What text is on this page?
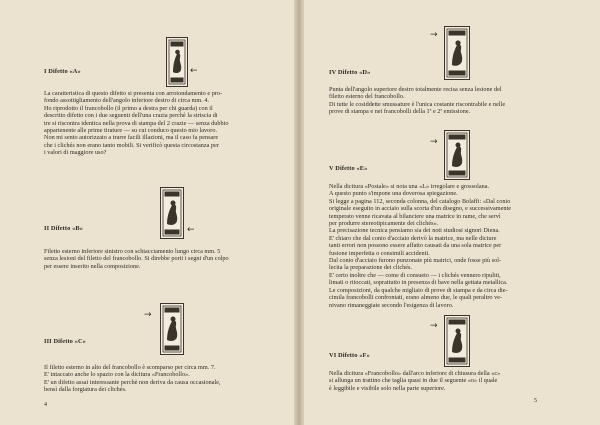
←
I Difetto «A»
La caratteristica di questo difetto si presenta con arrotondamento e pro-
fondo assottigliamento dell'angolo inferiore destro di circa mm. 4.
Ho riprodotto il francobollo (il primo a destra per chi guarda) con il
descritto difetto con i due seguenti dell'una crazia perchè la striscia di
tre si riscontra identica nella prova di stampa del 2 crazie — senza dubbio
appartenente alle prime tirature — su cui conduco questo mio lavoro.
Non mi sento autorizzato a trarre facili illazioni, ma il caso fa pensare
che i clichés non erano tanto mobili. Si verificò questa circostanza per
i valori di maggiore uso?
←
II Difetto «B»
Filetto esterno inferiore sinistro con schiacciamento lungo circa mm. 5
senza lesioni del filetto del francobollo. Si direbbe porti i segni d'un colpo
per essere inserito nella composizione.
→
III Difetto «C»
Il filetto esterno in alto del francobollo è scomparso per circa mm. 7.
E' intaccato anche lo spazio con la dicitura «Francobollo».
E' un difetto assai interessante perchè non deriva da causa occasionale,
bensì dalla forgiatura dei clichés.
4
→
IV Difetto «D»
Punta dell'angolo superiore destro totalmente recisa senza lesione del
filetto esterno del francobollo.
Di tutte le cosiddette smussature è l'unica costante riscontrabile e nelle
prove di stampa e nei francobolli della 1ª e 2ª emissione.
→
V Difetto «E»
Nella dicitura «Postale» si nota una «L» irregolare e grossolana.
A questo punto s'impone una doverosa spiegazione.
Si legge a pagina 112, seconda colonna, del catalogo Bolaffi: «Dal conio
originale eseguito in acciaio sulla scorta d'un disegno, e successivamente
temperato venne ricavata al bilanciere una matrice in rame, che servì
per produrre stereotipicamente dei clichés».
La precisazione tecnica pensiamo sia dei noti studiosi signori Diena.
E' chiaro che dal conio d'acciaio derivò la matrice, ma nelle dicture
tanti errori non possono essere affatto causati da una sola matrice per
fusione imperfetta o consimili accidenti.
Dal conio d'acciaio furono punzonate più matrici, onde fosse più sol-
lecita la preparazione dei clichés.
E' certo inoltre che — come di consueto — i clichés vennero ripuliti,
limati o ritoccati, soprattutto in presenza di bave nella gettata metallica.
Le composizioni, da qualche migliaio di prove di stampa e da circa die-
cimila francobolli confrontati, erano almeno due, le quali peraltro ve-
nivano rimaneggiate secondo l'esigenza di lavoro.
→
VI Difetto «F»
Nella dicitura «Francobollo» dall'arco inferiore di chiusura della «c»
si allunga un trattino che taglia quasi in due il seguente «o» il quale
è leggibile e visibile solo nella parte superiore.
5
